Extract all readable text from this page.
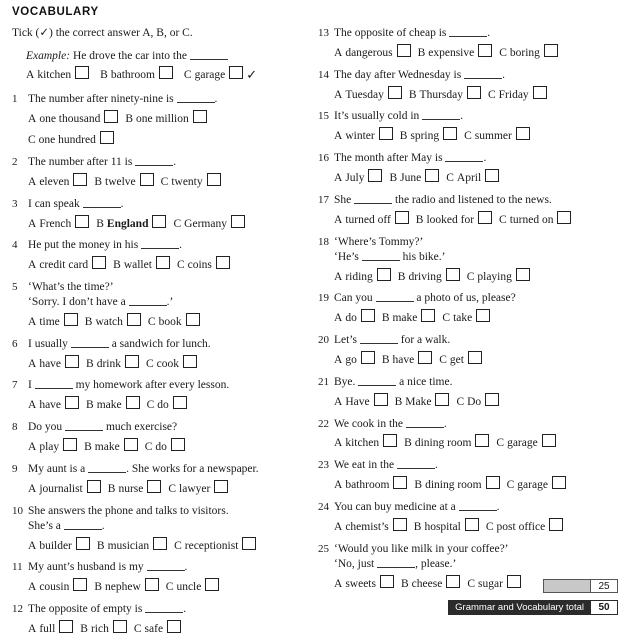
VOCABULARY

Tick (✓) the correct answer A, B, or C.

Example: He drove the car into the
A kitchen	B bathroom	C garage ✓
1 The number after ninety-nine is	.
A one thousand B one millionC one hundred
2 The number after 11 is	.
A eleven B twelve C twenty
3 I can speak	.
A French B England C Germany
4 He put the money in his	.
A credit card B wallet C coins
5 ‘What’s the time?’
‘Sorry. I don’t have a	.’
A time B watch C book
6 I usually	a sandwich for lunch.
A have B drink C cook
7 I	my homework after every lesson.
A have B make C do
8 Do you	much exercise?
A play B make C do
9 My aunt is a	. She works for a newspaper.
A journalist B nurse C lawyer
10 She answers the phone and talks to visitors.
She’s a	.
A builder B musician C receptionist
11 My aunt’s husband is my	.
A cousin B nephew C uncle
12 The opposite of empty is	.
A full B rich C safe
13 The opposite of cheap is	.
A dangerous B expensive C boring
14 The day after Wednesday is	.
A Tuesday B Thursday C Friday
15 It’s usually cold in	.
A winter B spring C summer
16 The month after May is	.
A July B June C April
17 She	the radio and listened to the news.
A turned off B looked for C turned on
18 ‘Where’s Tommy?’
‘He’s	his bike.’
A riding B driving C playing
19 Can you	a photo of us, please?
A do B make C take
20 Let’s	for a walk.
A go B have C get
21 Bye.	a nice time.
A Have B Make C Do
22 We cook in the	.
A kitchen B dining room C garage
23 We eat in the	.
A bathroom B dining room C garage
24 You can buy medicine at a	.
A chemist’s B hospital C post office
25 ‘Would you like milk in your coffee?’
‘No, just	, please.’
A sweets B cheese C sugar	25
Grammar and Vocabulary total	50
